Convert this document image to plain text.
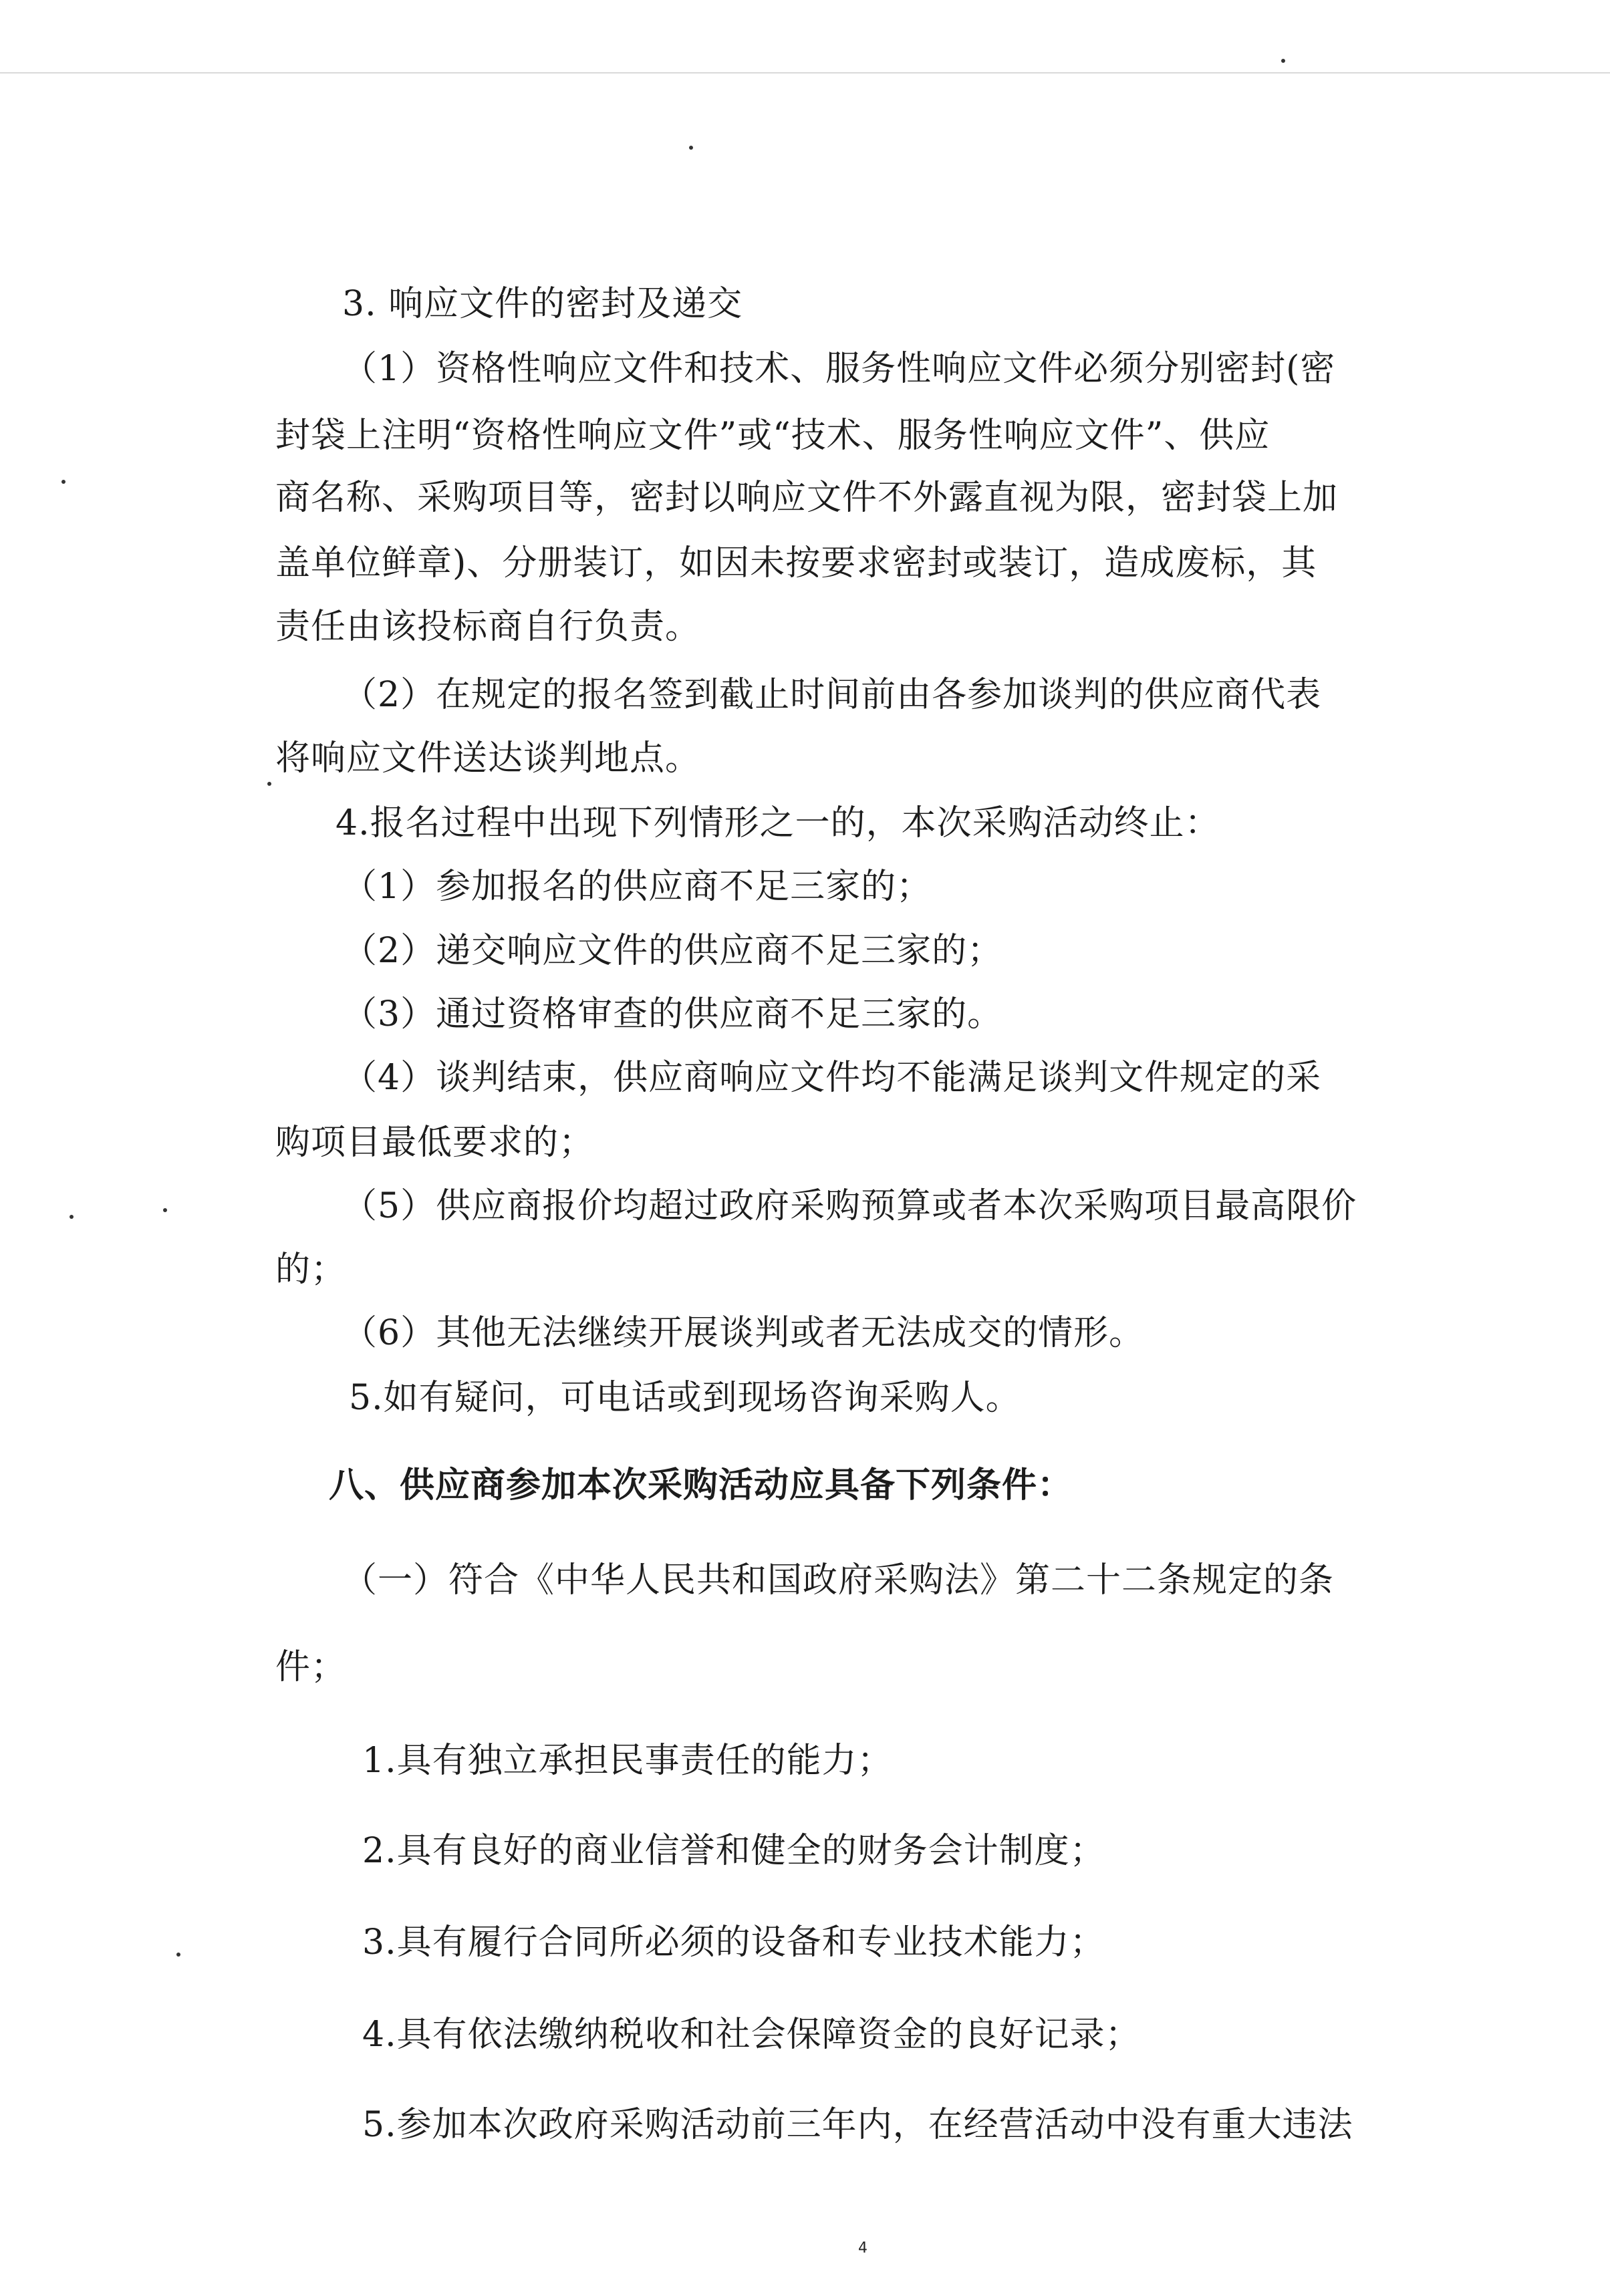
3. 响应文件的密封及递交
（1）资格性响应文件和技术、服务性响应文件必须分别密封(密
封袋上注明“资格性响应文件”或“技术、服务性响应文件”、供应
商名称、采购项目等，密封以响应文件不外露直视为限，密封袋上加
盖单位鲜章)、分册装订，如因未按要求密封或装订，造成废标，其
责任由该投标商自行负责。
（2）在规定的报名签到截止时间前由各参加谈判的供应商代表
将响应文件送达谈判地点。
4.报名过程中出现下列情形之一的，本次采购活动终止：
（1）参加报名的供应商不足三家的；
（2）递交响应文件的供应商不足三家的；
（3）通过资格审查的供应商不足三家的。
（4）谈判结束，供应商响应文件均不能满足谈判文件规定的采
购项目最低要求的；
（5）供应商报价均超过政府采购预算或者本次采购项目最高限价
的；
（6）其他无法继续开展谈判或者无法成交的情形。
5.如有疑问，可电话或到现场咨询采购人。
八、供应商参加本次采购活动应具备下列条件：
（一）符合《中华人民共和国政府采购法》第二十二条规定的条
件；
1.具有独立承担民事责任的能力；
2.具有良好的商业信誉和健全的财务会计制度；
3.具有履行合同所必须的设备和专业技术能力；
4.具有依法缴纳税收和社会保障资金的良好记录；
5.参加本次政府采购活动前三年内，在经营活动中没有重大违法
4
